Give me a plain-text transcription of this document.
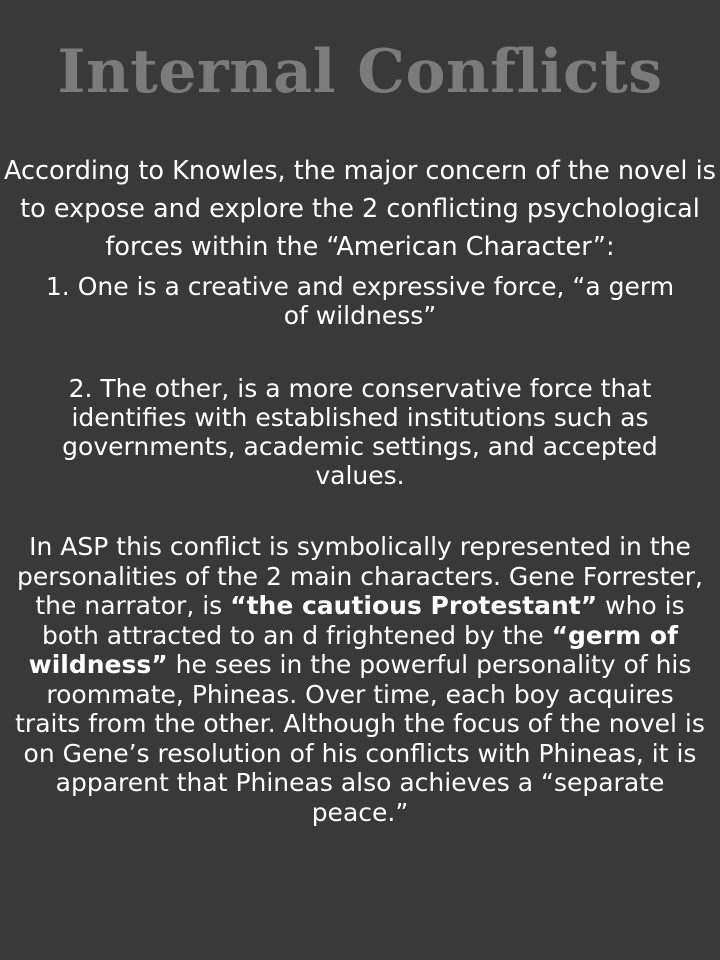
Internal Conflicts
According to Knowles, the major concern of the novel is to expose and explore the 2 conflicting psychological forces within the “American Character”:
1. One is a creative and expressive force, “a germ of wildness”
2. The other, is a more conservative force that identifies with established institutions such as governments, academic settings, and accepted values.
In ASP this conflict is symbolically represented in the personalities of the 2 main characters. Gene Forrester, the narrator, is “the cautious Protestant” who is both attracted to an d frightened by the “germ of wildness” he sees in the powerful personality of his roommate, Phineas. Over time, each boy acquires traits from the other. Although the focus of the novel is on Gene’s resolution of his conflicts with Phineas, it is apparent that Phineas also achieves a “separate peace.”
